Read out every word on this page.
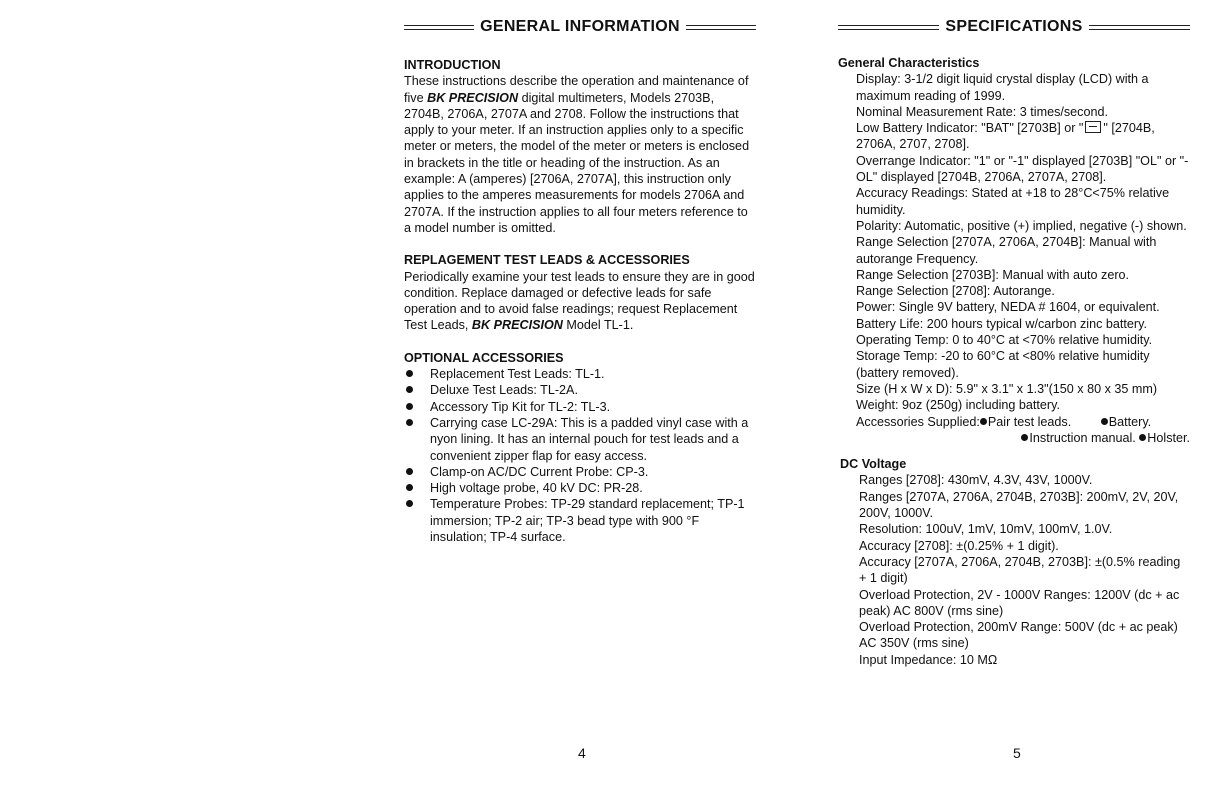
GENERAL INFORMATION

INTRODUCTION

These instructions describe the operation and maintenance of five BK PRECISION digital multimeters, Models 2703B, 2704B, 2706A, 2707A and 2708. Follow the instructions that apply to your meter. If an instruction applies only to a specific meter or meters, the model of the meter or meters is enclosed in brackets in the title or heading of the instruction. As an example: A (amperes) [2706A, 2707A], this instruction only applies to the amperes measurements for models 2706A and 2707A. If the instruction applies to all four meters reference to a model number is omitted.

REPLAGEMENT TEST LEADS & ACCESSORIES

Periodically examine your test leads to ensure they are in good condition. Replace damaged or defective leads for safe operation and to avoid false readings; request Replacement Test Leads, BK PRECISION Model TL-1.

OPTIONAL ACCESSORIES

Replacement Test Leads: TL-1.
Deluxe Test Leads: TL-2A.
Accessory Tip Kit for TL-2: TL-3.
Carrying case LC-29A: This is a padded vinyl case with a nyon lining. It has an internal pouch for test leads and a convenient zipper flap for easy access.
Clamp-on AC/DC Current Probe: CP-3.
High voltage probe, 40 kV DC: PR-28.
Temperature Probes: TP-29 standard replacement; TP-1 immersion; TP-2 air; TP-3 bead type with 900 °F insulation; TP-4 surface.
4
SPECIFICATIONS

General Characteristics

Display: 3-1/2 digit liquid crystal display (LCD) with a maximum reading of 1999.

Nominal Measurement Rate: 3 times/second.

Low Battery Indicator: "BAT" [2703B] or " " [2704B, 2706A, 2707, 2708].

Overrange Indicator: "1" or "-1" displayed [2703B] "OL" or "-OL" displayed [2704B, 2706A, 2707A, 2708].

Accuracy Readings: Stated at +18 to 28°C<75% relative humidity.

Polarity: Automatic, positive (+) implied, negative (-) shown.

Range Selection [2707A, 2706A, 2704B]: Manual with autorange Frequency.

Range Selection [2703B]: Manual with auto zero.

Range Selection [2708]: Autorange.

Power: Single 9V battery, NEDA # 1604, or equivalent.

Battery Life: 200 hours typical w/carbon zinc battery.

Operating Temp: 0 to 40°C at <70% relative humidity.

Storage Temp: -20 to 60°C at <80% relative humidity (battery removed).

Size (H x W x D): 5.9" x 3.1" x 1.3"(150 x 80 x 35 mm)

Weight: 9oz (250g) including battery.

Accessories Supplied: Pair test leads.	Battery.

Instruction manual. Holster.

DC Voltage

Ranges [2708]: 430mV, 4.3V, 43V, 1000V.

Ranges [2707A, 2706A, 2704B, 2703B]: 200mV, 2V, 20V, 200V, 1000V.

Resolution: 100uV, 1mV, 10mV, 100mV, 1.0V.

Accuracy [2708]: ±(0.25% + 1 digit).

Accuracy [2707A, 2706A, 2704B, 2703B]: ±(0.5% reading + 1 digit)

Overload Protection, 2V - 1000V Ranges: 1200V (dc + ac peak) AC 800V (rms sine)

Overload Protection, 200mV Range: 500V (dc + ac peak) AC 350V (rms sine)

Input Impedance: 10 MΩ

5
